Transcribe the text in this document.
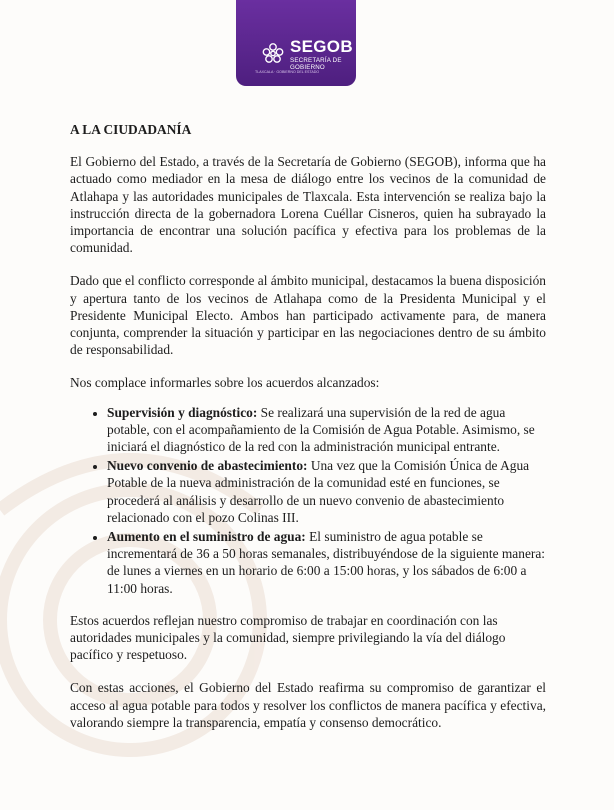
SEGOB
SECRETARÍA DE
GOBIERNO
TLAXCALA · GOBIERNO DEL ESTADO
A LA CIUDADANÍA

El Gobierno del Estado, a través de la Secretaría de Gobierno (SEGOB), informa que ha actuado como mediador en la mesa de diálogo entre los vecinos de la comunidad de Atlahapa y las autoridades municipales de Tlaxcala. Esta intervención se realiza bajo la instrucción directa de la gobernadora Lorena Cuéllar Cisneros, quien ha subrayado la importancia de encontrar una solución pacífica y efectiva para los problemas de la comunidad.

Dado que el conflicto corresponde al ámbito municipal, destacamos la buena disposición y apertura tanto de los vecinos de Atlahapa como de la Presidenta Municipal y el Presidente Municipal Electo. Ambos han participado activamente para, de manera conjunta, comprender la situación y participar en las negociaciones dentro de su ámbito de responsabilidad.

Nos complace informarles sobre los acuerdos alcanzados:

• Supervisión y diagnóstico: Se realizará una supervisión de la red de agua potable, con el acompañamiento de la Comisión de Agua Potable. Asimismo, se iniciará el diagnóstico de la red con la administración municipal entrante.
• Nuevo convenio de abastecimiento: Una vez que la Comisión Única de Agua Potable de la nueva administración de la comunidad esté en funciones, se procederá al análisis y desarrollo de un nuevo convenio de abastecimiento relacionado con el pozo Colinas III.
• Aumento en el suministro de agua: El suministro de agua potable se incrementará de 36 a 50 horas semanales, distribuyéndose de la siguiente manera: de lunes a viernes en un horario de 6:00 a 15:00 horas, y los sábados de 6:00 a 11:00 horas.

Estos acuerdos reflejan nuestro compromiso de trabajar en coordinación con las autoridades municipales y la comunidad, siempre privilegiando la vía del diálogo pacífico y respetuoso.

Con estas acciones, el Gobierno del Estado reafirma su compromiso de garantizar el acceso al agua potable para todos y resolver los conflictos de manera pacífica y efectiva, valorando siempre la transparencia, empatía y consenso democrático.
